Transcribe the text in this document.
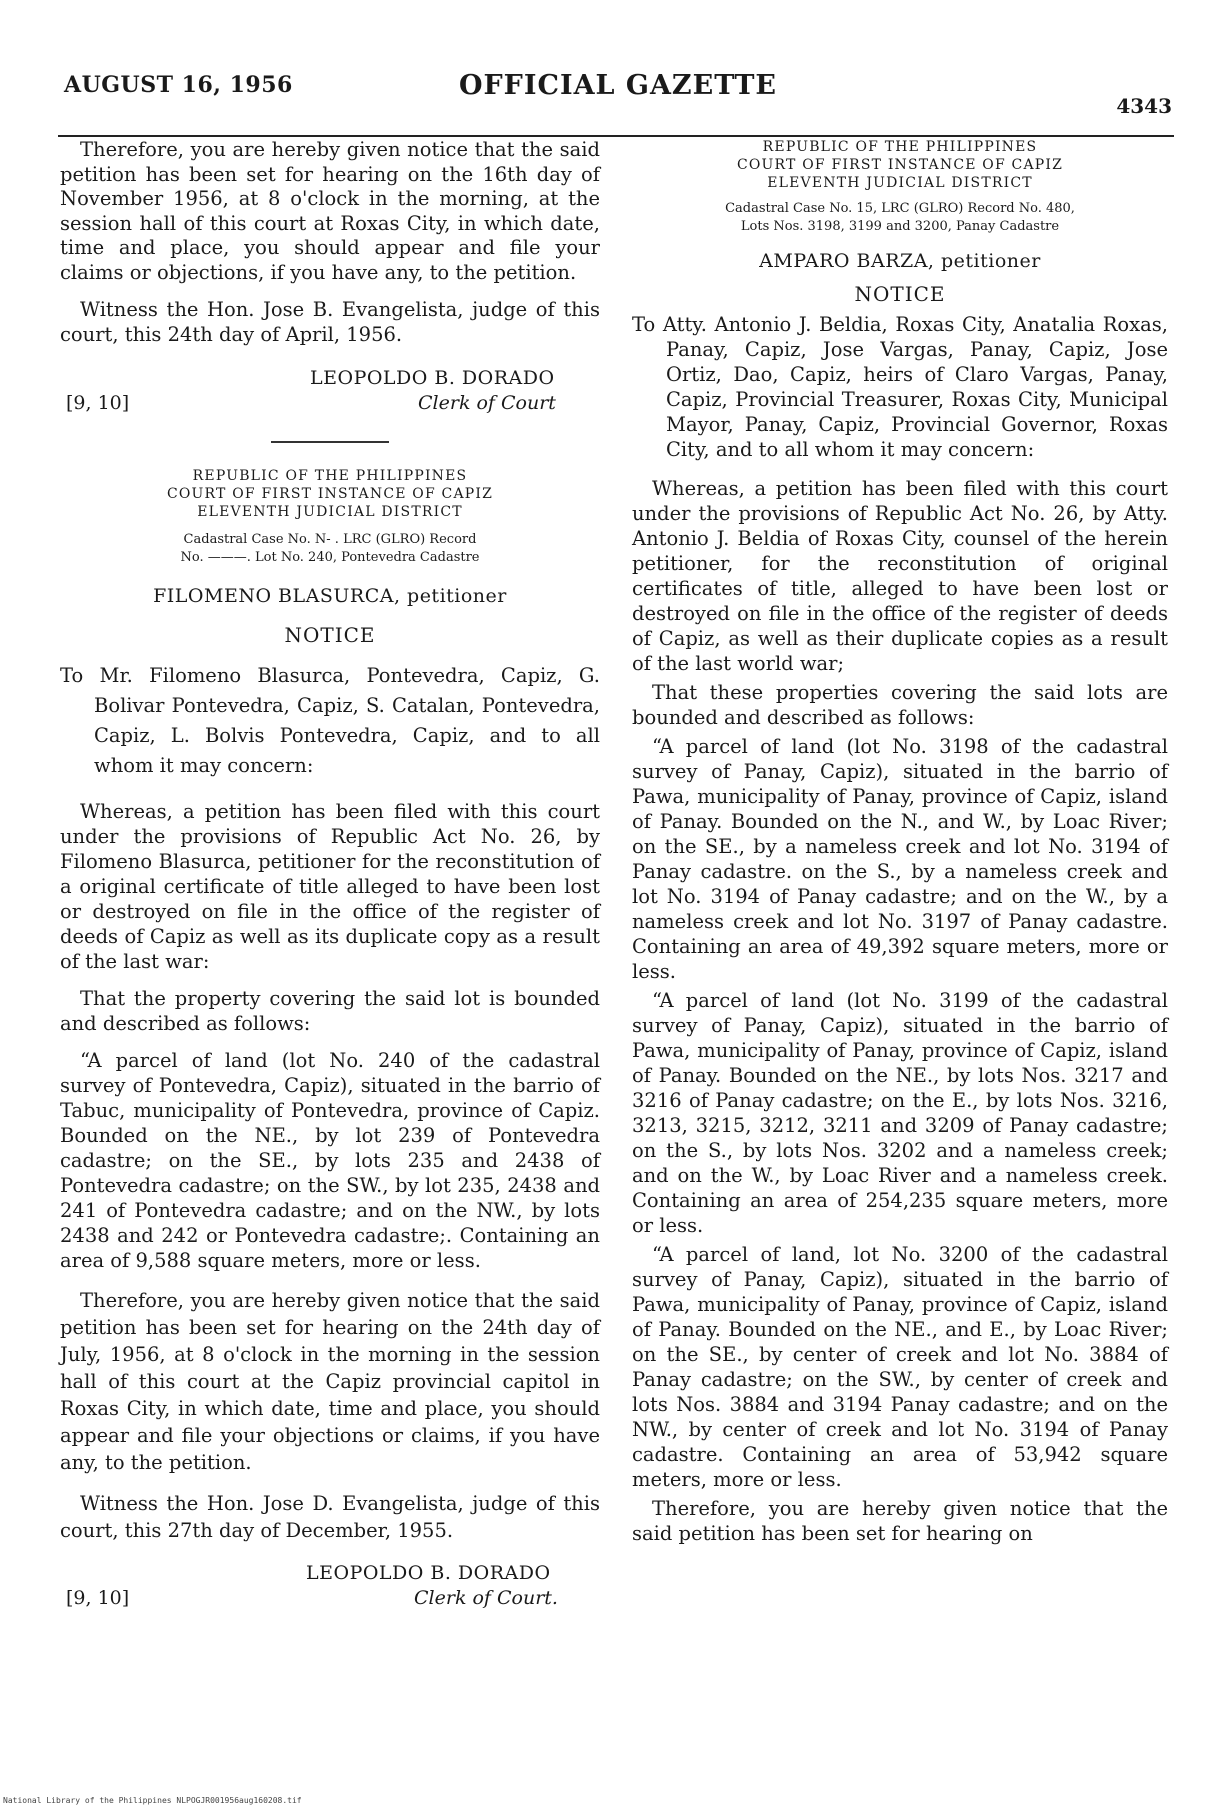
AUGUST 16, 1956	OFFICIAL GAZETTE
4343

Therefore, you are hereby given notice that the said petition has been set for hearing on the 16th day of November 1956, at 8 o'clock in the morning, at the session hall of this court at Roxas City, in which date, time and place, you should appear and file your claims or objections, if you have any, to the petition.

Witness the Hon. Jose B. Evangelista, judge of this court, this 24th day of April, 1956.

LEOPOLDO B. DORADO
[9, 10]	Clerk of Court
REPUBLIC OF THE PHILIPPINES
COURT OF FIRST INSTANCE OF CAPIZ
ELEVENTH JUDICIAL DISTRICT
Cadastral Case No. N- . LRC (GLRO) Record
No. ———. Lot No. 240, Pontevedra Cadastre
FILOMENO BLASURCA, petitioner
NOTICE

To Mr. Filomeno Blasurca, Pontevedra, Capiz, G. Bolivar Pontevedra, Capiz, S. Catalan, Pontevedra, Capiz, L. Bolvis Pontevedra, Capiz, and to all whom it may concern:

Whereas, a petition has been filed with this court under the provisions of Republic Act No. 26, by Filomeno Blasurca, petitioner for the reconstitution of a original certificate of title alleged to have been lost or destroyed on file in the office of the register of deeds of Capiz as well as its duplicate copy as a result of the last war:

That the property covering the said lot is bounded and described as follows:

“A parcel of land (lot No. 240 of the cadastral survey of Pontevedra, Capiz), situated in the barrio of Tabuc, municipality of Pontevedra, province of Capiz. Bounded on the NE., by lot 239 of Pontevedra cadastre; on the SE., by lots 235 and 2438 of Pontevedra cadastre; on the SW., by lot 235, 2438 and 241 of Pontevedra cadastre; and on the NW., by lots 2438 and 242 or Pontevedra cadastre;. Containing an area of 9,588 square meters, more or less.

Therefore, you are hereby given notice that the said petition has been set for hearing on the 24th day of July, 1956, at 8 o'clock in the morning in the session hall of this court at the Capiz provincial capitol in Roxas City, in which date, time and place, you should appear and file your objections or claims, if you have any, to the petition.

Witness the Hon. Jose D. Evangelista, judge of this court, this 27th day of December, 1955.

LEOPOLDO B. DORADO
[9, 10]	Clerk of Court.
REPUBLIC OF THE PHILIPPINES
COURT OF FIRST INSTANCE OF CAPIZ
ELEVENTH JUDICIAL DISTRICT
Cadastral Case No. 15, LRC (GLRO) Record No. 480,
Lots Nos. 3198, 3199 and 3200, Panay Cadastre
AMPARO BARZA, petitioner
NOTICE

To Atty. Antonio J. Beldia, Roxas City, Anatalia Roxas, Panay, Capiz, Jose Vargas, Panay, Capiz, Jose Ortiz, Dao, Capiz, heirs of Claro Vargas, Panay, Capiz, Provincial Treasurer, Roxas City, Municipal Mayor, Panay, Capiz, Provincial Governor, Roxas City, and to all whom it may concern:

Whereas, a petition has been filed with this court under the provisions of Republic Act No. 26, by Atty. Antonio J. Beldia of Roxas City, counsel of the herein petitioner, for the reconstitution of original certificates of title, alleged to have been lost or destroyed on file in the office of the register of deeds of Capiz, as well as their duplicate copies as a result of the last world war;

That these properties covering the said lots are bounded and described as follows:

“A parcel of land (lot No. 3198 of the cadastral survey of Panay, Capiz), situated in the barrio of Pawa, municipality of Panay, province of Capiz, island of Panay. Bounded on the N., and W., by Loac River; on the SE., by a nameless creek and lot No. 3194 of Panay cadastre. on the S., by a nameless creek and lot No. 3194 of Panay cadastre; and on the W., by a nameless creek and lot No. 3197 of Panay cadastre. Containing an area of 49,392 square meters, more or less.

“A parcel of land (lot No. 3199 of the cadastral survey of Panay, Capiz), situated in the barrio of Pawa, municipality of Panay, province of Capiz, island of Panay. Bounded on the NE., by lots Nos. 3217 and 3216 of Panay cadastre; on the E., by lots Nos. 3216, 3213, 3215, 3212, 3211 and 3209 of Panay cadastre; on the S., by lots Nos. 3202 and a nameless creek; and on the W., by Loac River and a nameless creek. Containing an area of 254,235 square meters, more or less.

“A parcel of land, lot No. 3200 of the cadastral survey of Panay, Capiz), situated in the barrio of Pawa, municipality of Panay, province of Capiz, island of Panay. Bounded on the NE., and E., by Loac River; on the SE., by center of creek and lot No. 3884 of Panay cadastre; on the SW., by center of creek and lots Nos. 3884 and 3194 Panay cadastre; and on the NW., by center of creek and lot No. 3194 of Panay cadastre. Containing an area of 53,942 square meters, more or less.

Therefore, you are hereby given notice that the said petition has been set for hearing on

National Library of the Philippines NLPOGJR001956aug160208.tif
